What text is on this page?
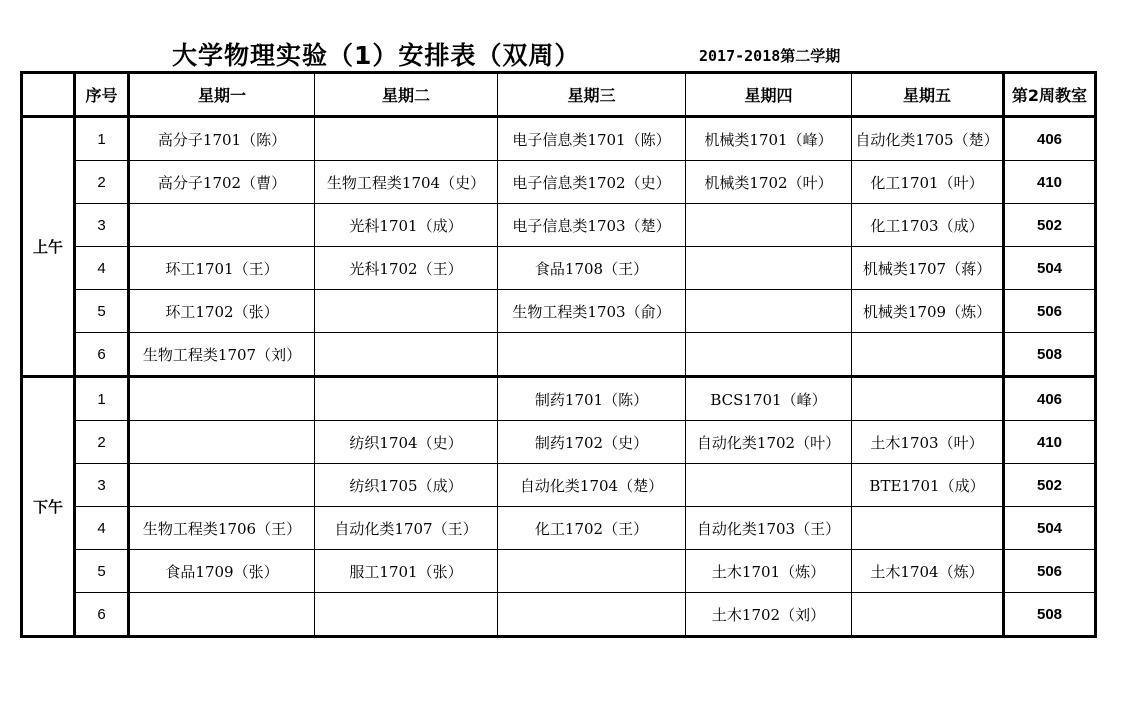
大学物理实验（1）安排表（双周）	2017-2018第二学期
	序号	星期一	星期二	星期三	星期四	星期五	第2周教室
上午	1	高分子1701（陈）		电子信息类1701（陈）	机械类1701（峰）	自动化类1705（楚）	406
	2	高分子1702（曹）	生物工程类1704（史）	电子信息类1702（史）	机械类1702（叶）	化工1701（叶）	410
	3		光科1701（成）	电子信息类1703（楚）		化工1703（成）	502
	4	环工1701（王）	光科1702（王）	食品1708（王）		机械类1707（蒋）	504
	5	环工1702（张）		生物工程类1703（俞）		机械类1709（炼）	506
	6	生物工程类1707（刘）					508
下午	1			制药1701（陈）	BCS1701（峰）		406
	2		纺织1704（史）	制药1702（史）	自动化类1702（叶）	土木1703（叶）	410
	3		纺织1705（成）	自动化类1704（楚）		BTE1701（成）	502
	4	生物工程类1706（王）	自动化类1707（王）	化工1702（王）	自动化类1703（王）		504
	5	食品1709（张）	服工1701（张）		土木1701（炼）	土木1704（炼）	506
	6				土木1702（刘）		508
